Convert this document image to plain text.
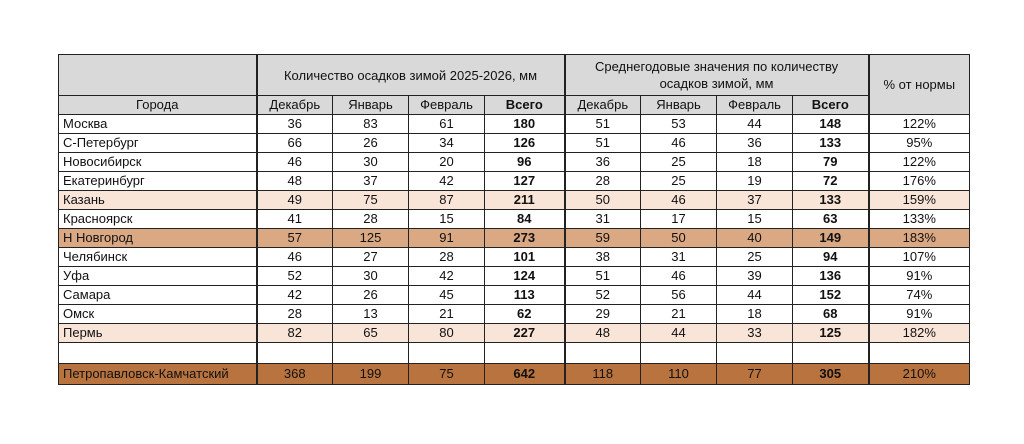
	Количество осадков зимой 2025-2026, мм				Среднегодовые значения по количеству осадков зимой, мм				% от нормы
Города	Декабрь	Январь	Февраль	Всего	Декабрь	Январь	Февраль	Всего	
Москва	36	83	61	180	51	53	44	148	122%
С-Петербург	66	26	34	126	51	46	36	133	95%
Новосибирск	46	30	20	96	36	25	18	79	122%
Екатеринбург	48	37	42	127	28	25	19	72	176%
Казань	49	75	87	211	50	46	37	133	159%
Красноярск	41	28	15	84	31	17	15	63	133%
Н Новгород	57	125	91	273	59	50	40	149	183%
Челябинск	46	27	28	101	38	31	25	94	107%
Уфа	52	30	42	124	51	46	39	136	91%
Самара	42	26	45	113	52	56	44	152	74%
Омск	28	13	21	62	29	21	18	68	91%
Пермь	82	65	80	227	48	44	33	125	182%

Петропавловск-Камчатский	368	199	75	642	118	110	77	305	210%
